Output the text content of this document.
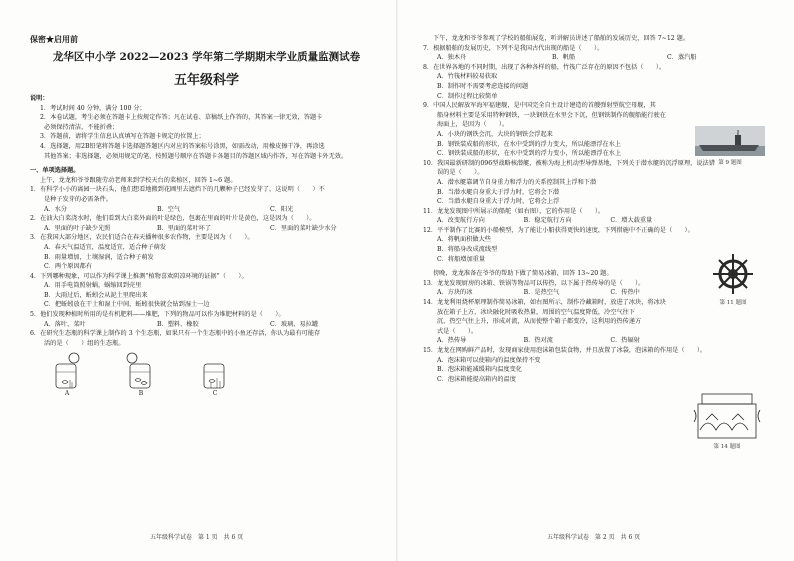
保密★启用前
龙华区中小学 2022—2023 学年第二学期期末学业质量监测试卷
五年级科学
说明：
1．考试时间 40 分钟，满分 100 分；
2．本卷试题，考生必须在答题卡上按规定作答；凡在试卷、草稿纸上作答的，其答案一律无效，答题卡
必须保持清洁，不能折叠；
3．答题前，请将学生信息认真填写在答题卡规定的位置上；
4．选择题，用2B铅笔将答题卡选择题答题区内对应的答案标号涂黑，如需改动，用橡皮擦干净，再涂选
其他答案；非选择题，必须用规定的笔，按照题号顺序在答题卡各题目的答题区域内作答，写在答题卡外无效。
一、单项选择题。
上午，龙龙和爷爷跟随劳动老师来到学校天台的菜植区，回答 1~6 题。
1．有科学小小的离园一块石头，他们想看地搬到花圃里去遮挡下的几颗种子已经发芽了，这说明（　　）不
是种子发芽的必需条件。
A．水分	B．空气	C．阳光
2．在油大白菜浇水时，他们看到大白菜外面的叶是绿色，包裹在里面的叶片是黄色，这是因为（　　）。
A．里面的叶子缺少光照	B．里面的菜叶坏了	C．里面的菜叶缺少水分
3．在我国大部分地区，农民们适合在春天播种很多农作物，主要是因为（　　）。
A．春天气温适宜，温度适宜，适合种子萌发
B．雨量增加，土壤湿润，适合种子萌发
C．两个原因都有
4．下列哪种现象，可以作为科学课上推测“植物喜欢阴凉环境的证据”（　　）。
A．用手电筒照射蜗，蜗缩回到壳里
B．大雨过后，蚯蚓会从泥土里爬出来
C．把蚯蚓放在干土和湿土中间，蚯蚓很快就会钻到湿土一边
5．他们发现种植时所用的是有机肥料——堆肥，下列的物品可以作为堆肥材料的是（　　）。
A．落叶、菜叶	B．塑料、橡胶	C．玻璃、易拉罐
6．在研究生态瓶的科学课上制作的 3 个生态瓶，如果只有一个生态瓶中的小鱼还存活，你认为最有可能存
活的是（　　）组的生态瓶。
A	B	C
五年级科学试卷　第 1 页　共 6 页
下午，龙龙和爷爷参观了学校的船舶展览，听讲解员讲述了船舶的发展历史，回答 7~12 题。
7．根据船舶的发展历史，下列不是我国古代出现的船是（　　）。
A．独木舟	B．帆船	C．蒸汽船
8．在世界各地的不同时期，出现了各种各样的船，竹筏广泛存在的原因不包括（　　）。
A．竹筏材料较易获取
B．制作时不需要考虑连接的问题
C．制作过程比较简单
9．中国人民解放军海军福建舰，是中国完全自主设计建造的首艘弹射型航空母舰，其
船身材料主要是采用特种钢铁，一块钢铁在水里会下沉，但钢铁制作的舰船能行驶在
海面上，是因为（　　）。
A．小块的钢铁会沉，大块的钢铁会浮起来
B．钢铁装成船的形状，在水中受到的浮力变大，所以能漂浮在水上
C．钢铁装成船的形状，在水中受到的浮力变小，所以能漂浮在水上
10．我国最新研制的096型战略核潜艇，被称为海上机动型导弹基地，下列关于潜水艇的沉浮原理，说法错
误的是（　　）。
A．潜水艇靠调节自身重力和浮力的关系控制其上浮和下潜
B．当潜水艇自身重大于浮力时，它将会下潜
C．当潜水艇自身重大于浮力时，它将会上浮
11．龙龙发现图中所展示的船舵（如右图），它的作用是（　　）。
A．改变航行方向	B．稳定航行方向	C．增大载重量
12．平平制作了比赛的小船模型，为了能让小船获得更快的速度，下列措施中不正确的是（　　）。
A．将帆面积做大些
B．将船身改成流线型
C．将船增加重量
傍晚，龙龙准备在爷爷的帮助下做了简易冰箱，回答 13~20 题。
13．龙龙发现厨房的冰箱、铁锅等物品可以传热，以下属于热传导的是（　　）。
A．方块的冰	B．是热空气	C．传热中
14．龙龙利用烧杯原理制作简易冰箱，如右图所示，制作冷藏箱时，放进了冰块，将冰块
放在箱子上方，冰块融化时吸收热量，周围的空气温度降低，冷空气往下
沉、热空气往上升，形成对流，从而使整个箱子都变冷，这利用的热传递方
式是（　　）。
A．热传导	B．热对流	C．热辐射
15．龙龙在网购鲜产品时，发现商家使用泡沫箱包装食物，并且放置了冰袋，泡沫箱的作用是（　　）。
A．泡沫箱可以使箱内的温度保持不变
B．泡沫箱能减缓箱内温度变化
C．泡沫箱能提高箱内的温度
第 9 题图
第 11 题图
第 14 题图
五年级科学试卷　第 2 页　共 6 页
